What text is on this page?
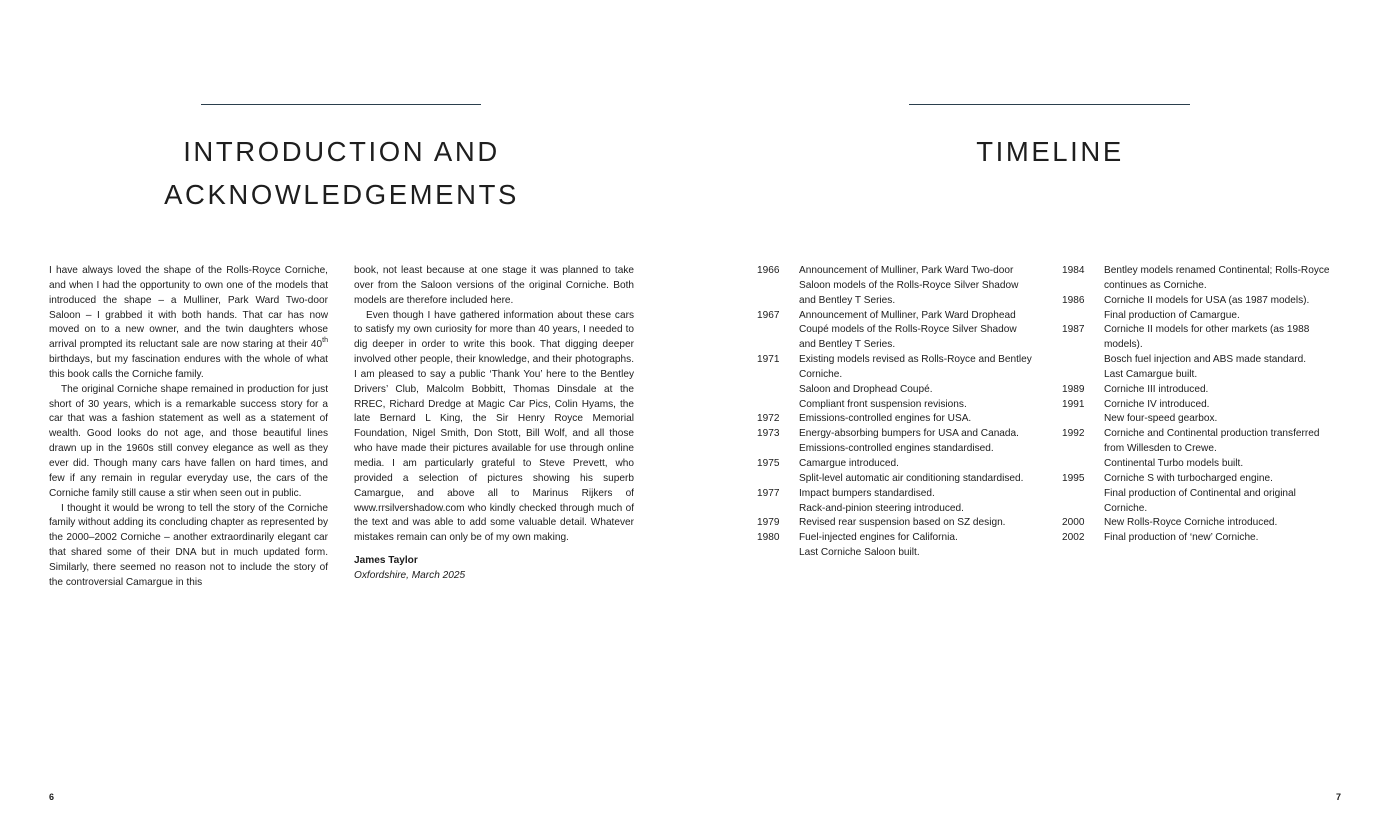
INTRODUCTION AND
ACKNOWLEDGEMENTS

I have always loved the shape of the Rolls-Royce Corniche, and when I had the opportunity to own one of the models that introduced the shape – a Mulliner, Park Ward Two-door Saloon – I grabbed it with both hands. That car has now moved on to a new owner, and the twin daughters whose arrival prompted its reluctant sale are now staring at their 40th birthdays, but my fascination endures with the whole of what this book calls the Corniche family.

The original Corniche shape remained in production for just short of 30 years, which is a remarkable success story for a car that was a fashion statement as well as a statement of wealth. Good looks do not age, and those beautiful lines drawn up in the 1960s still convey elegance as well as they ever did. Though many cars have fallen on hard times, and few if any remain in regular everyday use, the cars of the Corniche family still cause a stir when seen out in public.

I thought it would be wrong to tell the story of the Corniche family without adding its concluding chapter as represented by the 2000–2002 Corniche – another extraordinarily elegant car that shared some of their DNA but in much updated form. Similarly, there seemed no reason not to include the story of the controversial Camargue in this

book, not least because at one stage it was planned to take over from the Saloon versions of the original Corniche. Both models are therefore included here.

Even though I have gathered information about these cars to satisfy my own curiosity for more than 40 years, I needed to dig deeper in order to write this book. That digging deeper involved other people, their knowledge, and their photographs. I am pleased to say a public ‘Thank You’ here to the Bentley Drivers’ Club, Malcolm Bobbitt, Thomas Dinsdale at the RREC, Richard Dredge at Magic Car Pics, Colin Hyams, the late Bernard L King, the Sir Henry Royce Memorial Foundation, Nigel Smith, Don Stott, Bill Wolf, and all those who have made their pictures available for use through online media. I am particularly grateful to Steve Prevett, who provided a selection of pictures showing his superb Camargue, and above all to Marinus Rijkers of www.rrsilvershadow.com who kindly checked through much of the text and was able to add some valuable detail. Whatever mistakes remain can only be of my own making.

James Taylor
Oxfordshire, March 2025
6
TIMELINE
1966	Announcement of Mulliner, Park Ward Two-door
Saloon models of the Rolls-Royce Silver Shadow
and Bentley T Series.
1967	Announcement of Mulliner, Park Ward Drophead
Coupé models of the Rolls-Royce Silver Shadow
and Bentley T Series.
1971	Existing models revised as Rolls-Royce and Bentley
Corniche.
Saloon and Drophead Coupé.
Compliant front suspension revisions.
1972	Emissions-controlled engines for USA.
1973	Energy-absorbing bumpers for USA and Canada.
Emissions-controlled engines standardised.
1975	Camargue introduced.
Split-level automatic air conditioning standardised.
1977	Impact bumpers standardised.
Rack-and-pinion steering introduced.
1979	Revised rear suspension based on SZ design.
1980	Fuel-injected engines for California.
Last Corniche Saloon built.
1984	Bentley models renamed Continental; Rolls-Royce
continues as Corniche.
1986	Corniche II models for USA (as 1987 models).
Final production of Camargue.
1987	Corniche II models for other markets (as 1988
models).
Bosch fuel injection and ABS made standard.
Last Camargue built.
1989	Corniche III introduced.
1991	Corniche IV introduced.
New four-speed gearbox.
1992	Corniche and Continental production transferred
from Willesden to Crewe.
Continental Turbo models built.
1995	Corniche S with turbocharged engine.
Final production of Continental and original
Corniche.
2000	New Rolls-Royce Corniche introduced.
2002	Final production of ‘new’ Corniche.
7
